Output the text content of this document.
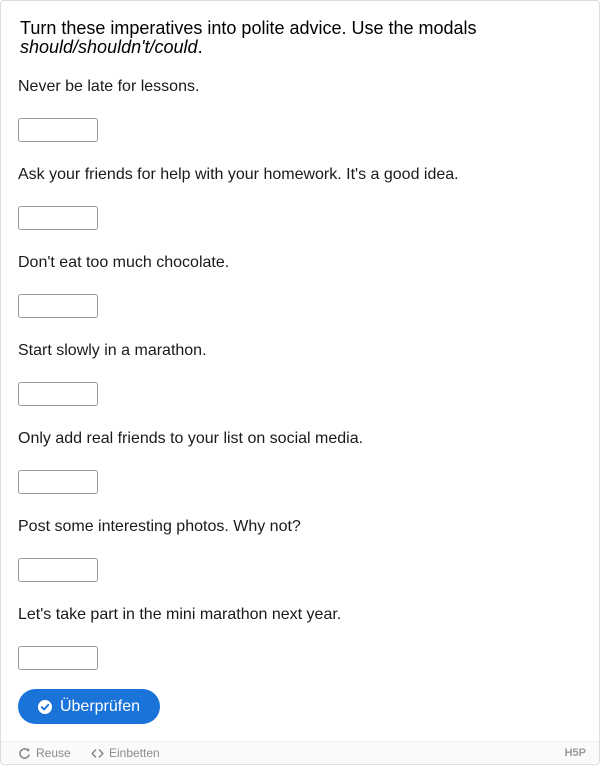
Turn these imperatives into polite advice. Use the modals
should/shouldn't/could.
Never be late for lessons.
Ask your friends for help with your homework. It's a good idea.
Don't eat too much chocolate.
Start slowly in a marathon.
Only add real friends to your list on social media.
Post some interesting photos. Why not?
Let's take part in the mini marathon next year.
Überprüfen
Reuse	Einbetten	H5P
